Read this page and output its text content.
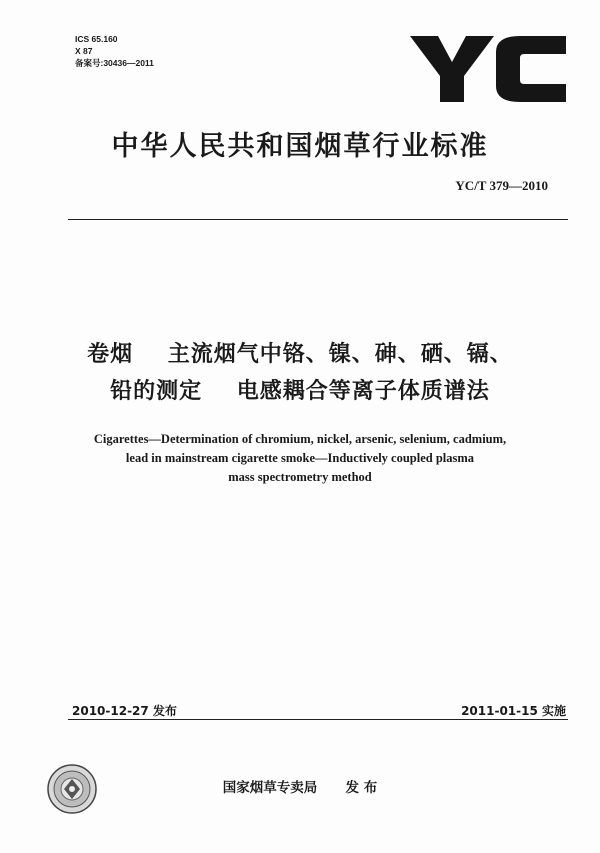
ICS 65.160
X 87
备案号:30436—2011
中华人民共和国烟草行业标准
YC/T 379—2010
卷烟    主流烟气中铬、镍、砷、硒、镉、
铅的测定    电感耦合等离子体质谱法
Cigarettes—Determination of chromium, nickel, arsenic, selenium, cadmium,
lead in mainstream cigarette smoke—Inductively coupled plasma
mass spectrometry method
2010-12-27 发布	2011-01-15 实施
国家烟草专卖局 发 布
